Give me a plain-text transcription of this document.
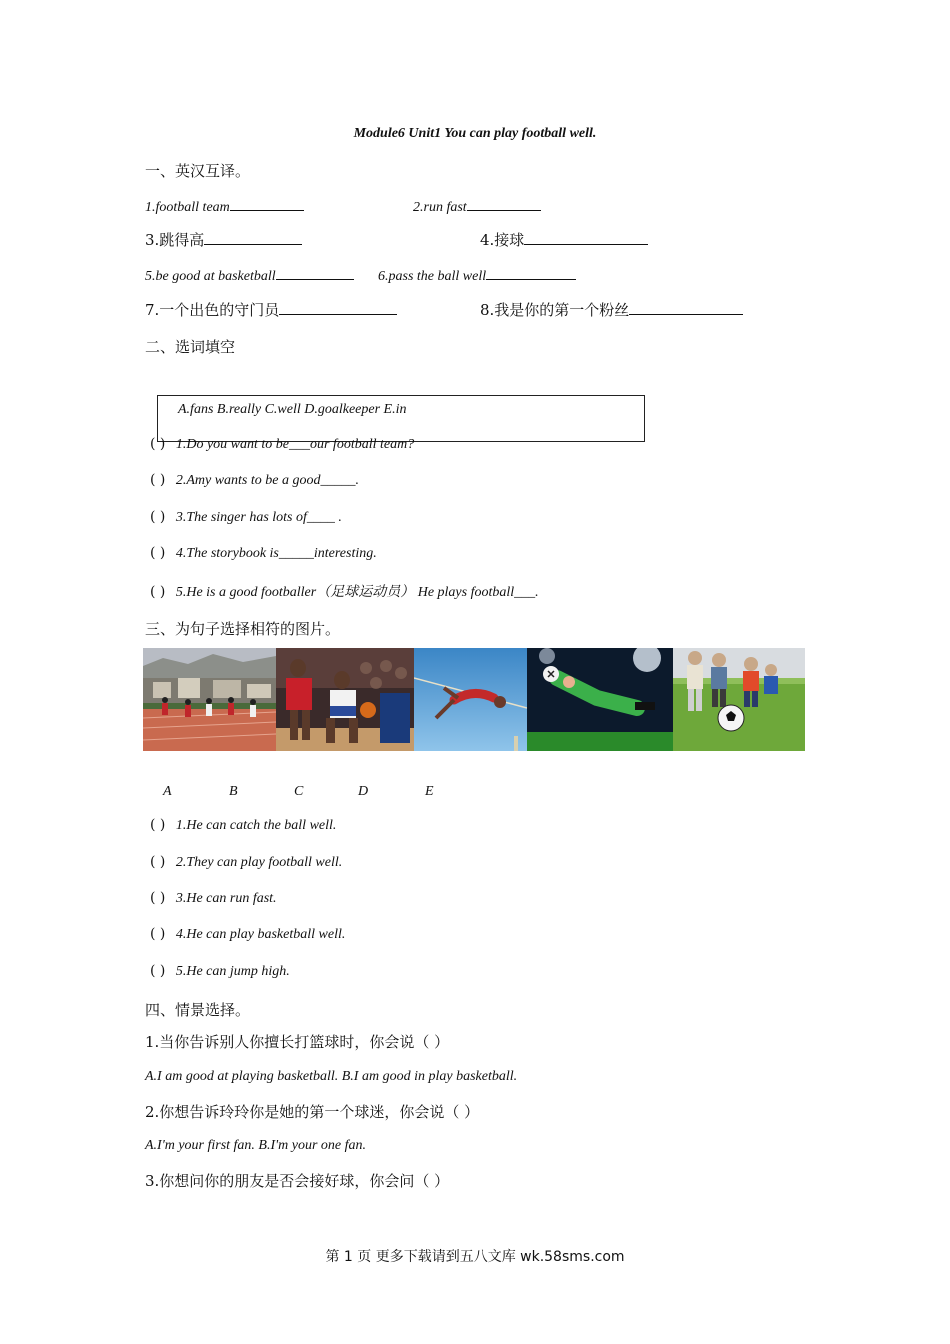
Module6 Unit1 You can play football well.
一、英汉互译。
1.football team	2.run fast
3.跳得高	4.接球
5.be good at basketball	6.pass the ball well
7.一个出色的守门员	8.我是你的第一个粉丝
二、选词填空
A.fans B.really C.well D.goalkeeper E.in
( ) 1.Do you want to be___our football team?
( ) 2.Amy wants to be a good_____.
( ) 3.The singer has lots of____ .
( ) 4.The storybook is_____interesting.
( ) 5.He is a good footballer（足球运动员） He plays football___.
三、为句子选择相符的图片。
A	B	C	D	E
( ) 1.He can catch the ball well.
( ) 2.They can play football well.
( ) 3.He can run fast.
( ) 4.He can play basketball well.
( ) 5.He can jump high.
四、情景选择。
1.当你告诉别人你擅长打篮球时，你会说（ ）
A.I am good at playing basketball. B.I am good in play basketball.
2.你想告诉玲玲你是她的第一个球迷，你会说（ ）
A.I'm your first fan. B.I'm your one fan.
3.你想问你的朋友是否会接好球，你会问（ ）
第 1 页 更多下载请到五八文库 wk.58sms.com
